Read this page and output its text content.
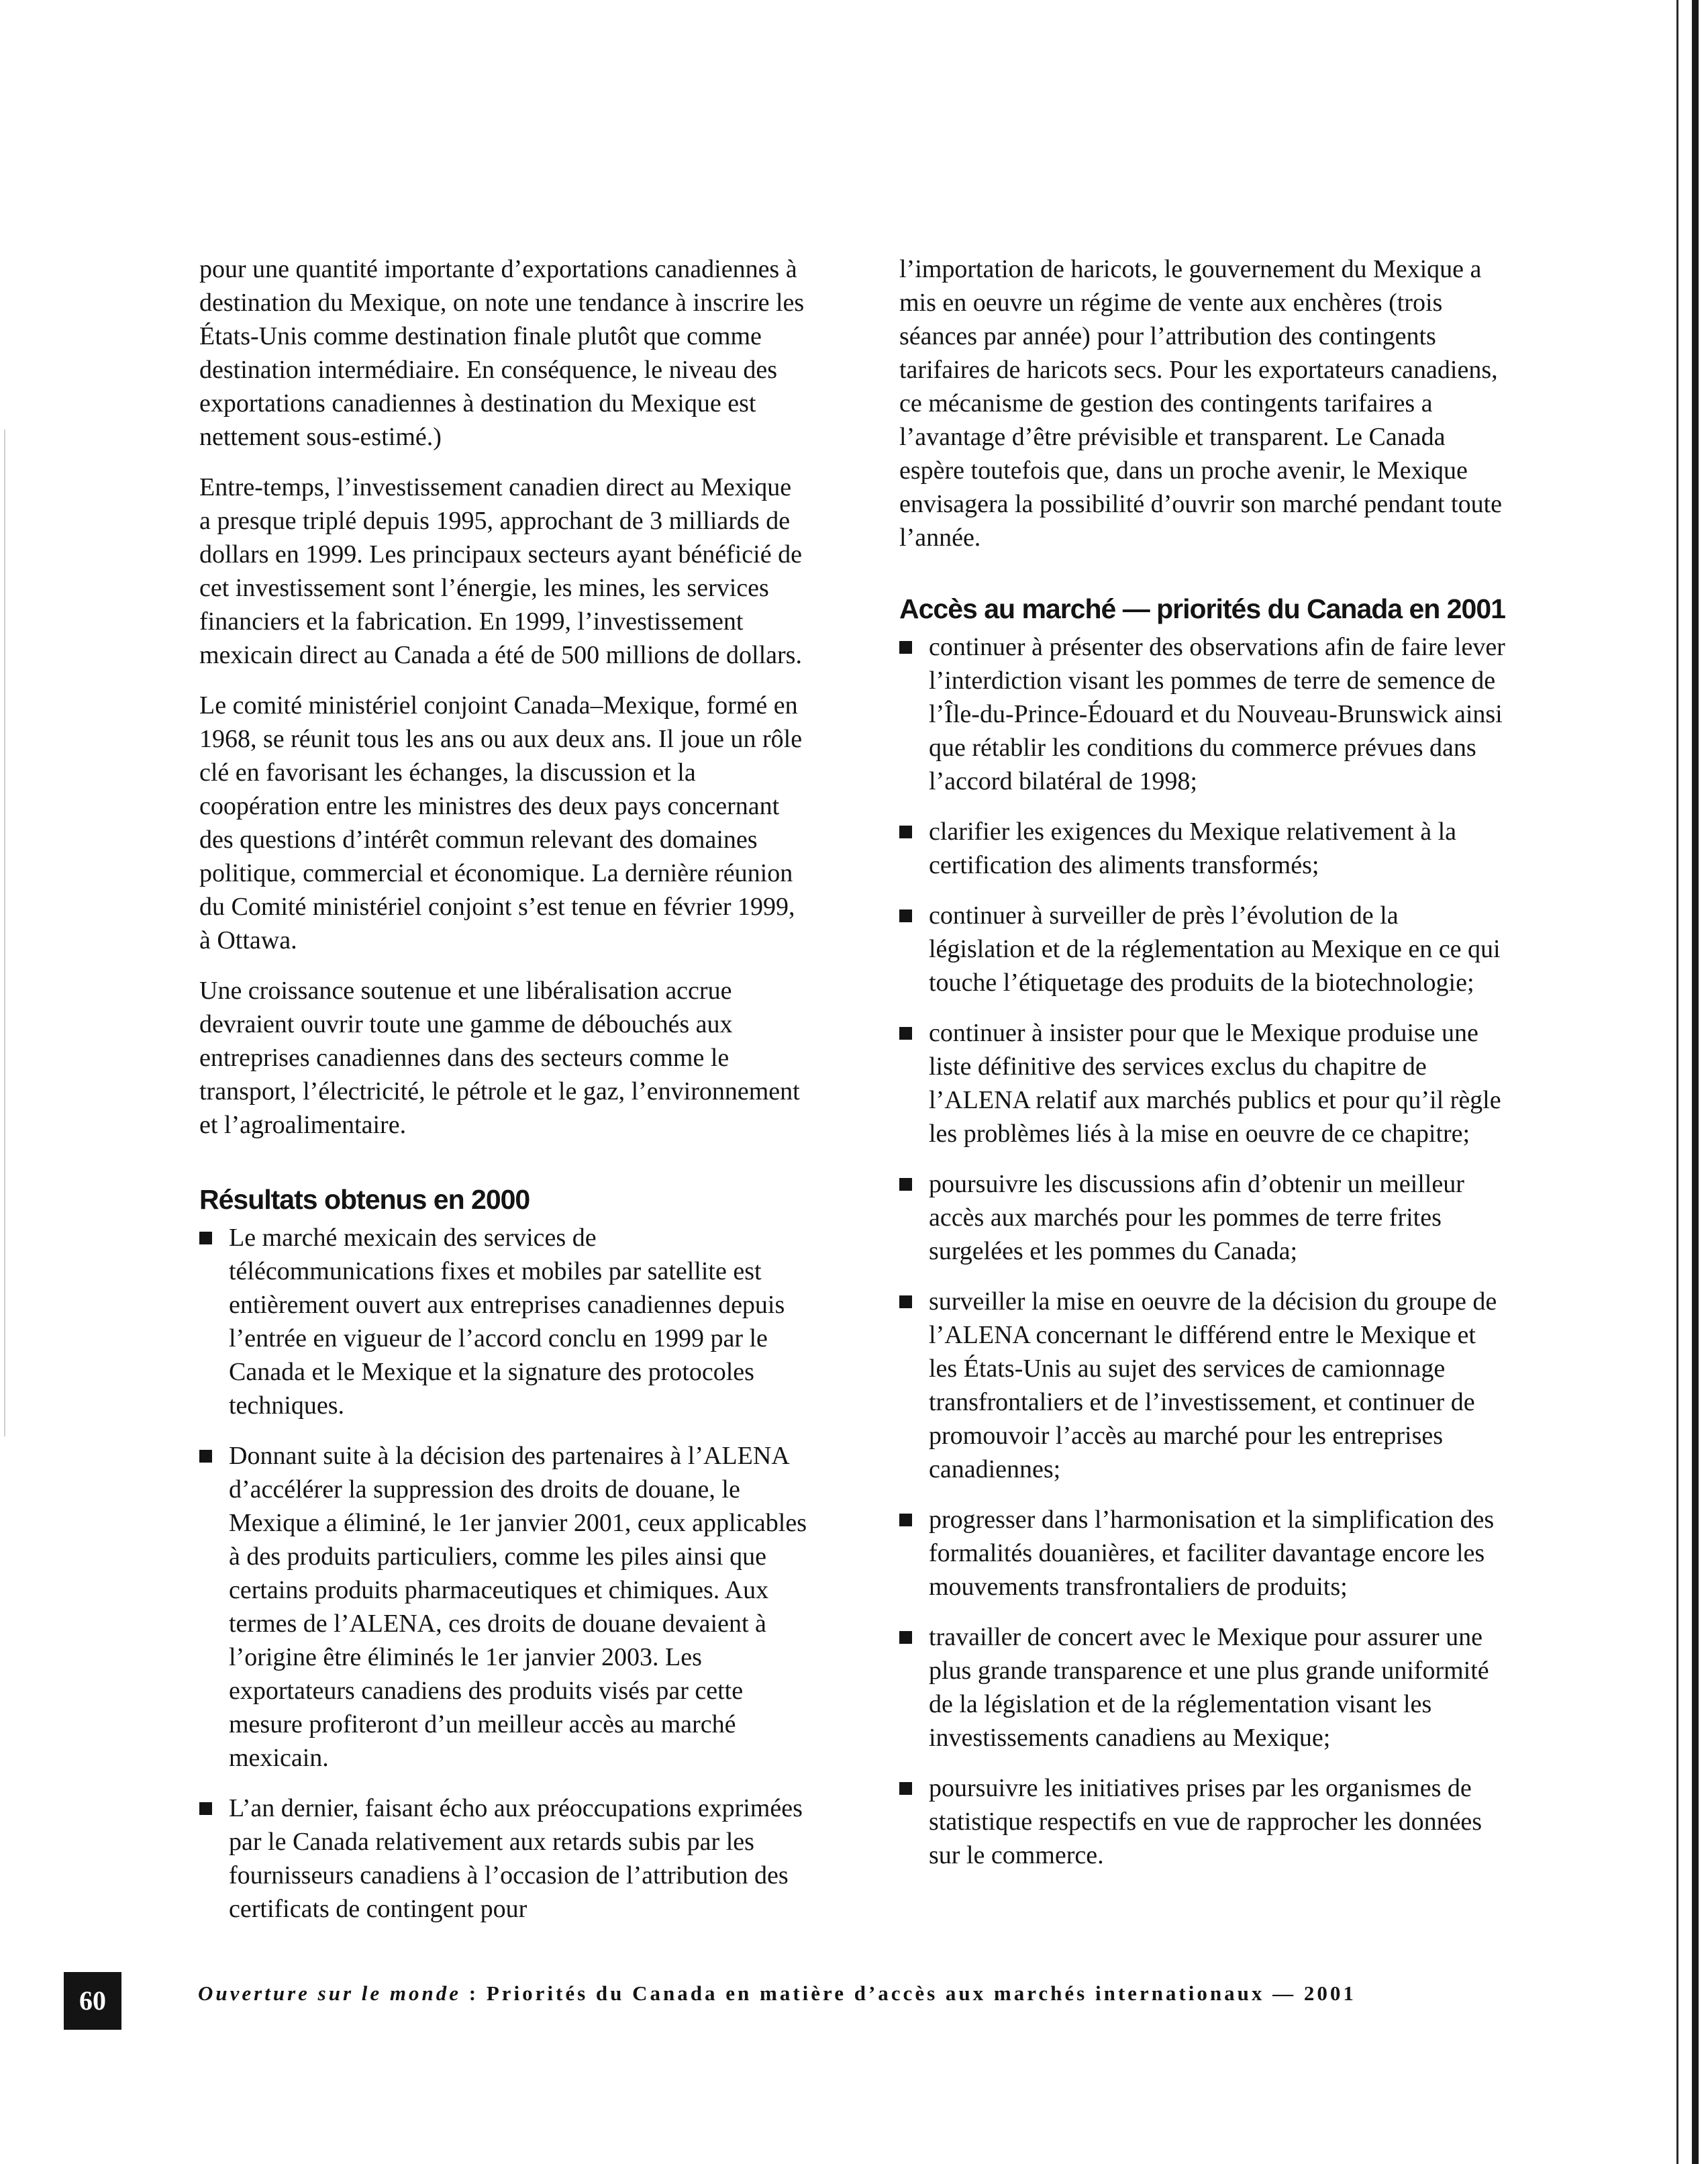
pour une quantité importante d’exportations canadiennes à destination du Mexique, on note une tendance à inscrire les États-Unis comme destination finale plutôt que comme destination intermédiaire. En conséquence, le niveau des exportations canadiennes à destination du Mexique est nettement sous-estimé.)

Entre-temps, l’investissement canadien direct au Mexique a presque triplé depuis 1995, approchant de 3 milliards de dollars en 1999. Les principaux secteurs ayant bénéficié de cet investissement sont l’énergie, les mines, les services financiers et la fabrication. En 1999, l’investissement mexicain direct au Canada a été de 500 millions de dollars.

Le comité ministériel conjoint Canada–Mexique, formé en 1968, se réunit tous les ans ou aux deux ans. Il joue un rôle clé en favorisant les échanges, la discussion et la coopération entre les ministres des deux pays concernant des questions d’intérêt commun relevant des domaines politique, commercial et économique. La dernière réunion du Comité ministériel conjoint s’est tenue en février 1999, à Ottawa.

Une croissance soutenue et une libéralisation accrue devraient ouvrir toute une gamme de débouchés aux entreprises canadiennes dans des secteurs comme le transport, l’électricité, le pétrole et le gaz, l’environnement et l’agroalimentaire.

Résultats obtenus en 2000
Le marché mexicain des services de télécommunications fixes et mobiles par satellite est entièrement ouvert aux entreprises canadiennes depuis l’entrée en vigueur de l’accord conclu en 1999 par le Canada et le Mexique et la signature des protocoles techniques.
Donnant suite à la décision des partenaires à l’ALENA d’accélérer la suppression des droits de douane, le Mexique a éliminé, le 1er janvier 2001, ceux applicables à des produits particuliers, comme les piles ainsi que certains produits pharmaceutiques et chimiques. Aux termes de l’ALENA, ces droits de douane devaient à l’origine être éliminés le 1er janvier 2003. Les exportateurs canadiens des produits visés par cette mesure profiteront d’un meilleur accès au marché mexicain.
L’an dernier, faisant écho aux préoccupations exprimées par le Canada relativement aux retards subis par les fournisseurs canadiens à l’occasion de l’attribution des certificats de contingent pour

l’importation de haricots, le gouvernement du Mexique a mis en oeuvre un régime de vente aux enchères (trois séances par année) pour l’attribution des contingents tarifaires de haricots secs. Pour les exportateurs canadiens, ce mécanisme de gestion des contingents tarifaires a l’avantage d’être prévisible et transparent. Le Canada espère toutefois que, dans un proche avenir, le Mexique envisagera la possibilité d’ouvrir son marché pendant toute l’année.

Accès au marché — priorités du Canada en 2001
continuer à présenter des observations afin de faire lever l’interdiction visant les pommes de terre de semence de l’Île-du-Prince-Édouard et du Nouveau-Brunswick ainsi que rétablir les conditions du commerce prévues dans l’accord bilatéral de 1998;
clarifier les exigences du Mexique relativement à la certification des aliments transformés;
continuer à surveiller de près l’évolution de la législation et de la réglementation au Mexique en ce qui touche l’étiquetage des produits de la biotechnologie;
continuer à insister pour que le Mexique produise une liste définitive des services exclus du chapitre de l’ALENA relatif aux marchés publics et pour qu’il règle les problèmes liés à la mise en oeuvre de ce chapitre;
poursuivre les discussions afin d’obtenir un meilleur accès aux marchés pour les pommes de terre frites surgelées et les pommes du Canada;
surveiller la mise en oeuvre de la décision du groupe de l’ALENA concernant le différend entre le Mexique et les États-Unis au sujet des services de camionnage transfrontaliers et de l’investissement, et continuer de promouvoir l’accès au marché pour les entreprises canadiennes;
progresser dans l’harmonisation et la simplification des formalités douanières, et faciliter davantage encore les mouvements transfrontaliers de produits;
travailler de concert avec le Mexique pour assurer une plus grande transparence et une plus grande uniformité de la législation et de la réglementation visant les investissements canadiens au Mexique;
poursuivre les initiatives prises par les organismes de statistique respectifs en vue de rapprocher les données sur le commerce.
60	Ouverture sur le monde : Priorités du Canada en matière d’accès aux marchés internationaux — 2001
